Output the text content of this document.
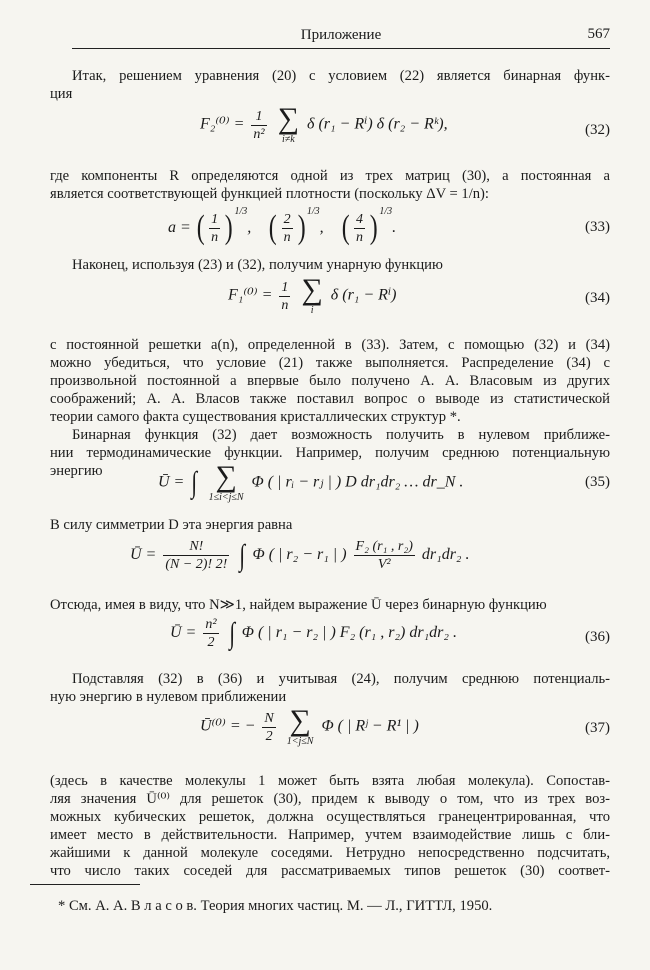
Приложение	567
Итак, решением уравнения (20) с условием (22) является бинарная функ-
ция
$F_2^{(0)} = \frac{1}{\text{n²}}$
∑
i≠k
δ (r₁ − Rⁱ) δ (r₂ − Rᵏ),	(32)
где компоненты R определяются одной из трех матриц (30), а постоянная a
является соответствующей функцией плотности (поскольку ΔV = 1/n):
a = ( $\frac{1}{n}$ ) $^{1/3}$, ( $\frac{2}{n}$ ) $^{1/3}$, ( $\frac{4}{n}$ ) $^{1/3}$.	(33)
Наконец, используя (23) и (32), получим унарную функцию
$F_1^{(0)} = \frac{1}{n}$
∑
i
δ (r₁ − Rⁱ)	(34)
с постоянной решетки a(n), определенной в (33). Затем, с помощью (32) и (34)
можно убедиться, что условие (21) также выполняется. Распределение (34) с
произвольной постоянной a впервые было получено А. А. Власовым из других
соображений; А. А. Власов также поставил вопрос о выводе из статистической
теории самого факта существования кристаллических структур *.
Бинарная функция (32) дает возможность получить в нулевом приближе-
нии термодинамические функции. Например, получим среднюю потенциальную
энергию
Ū = ∫ ∑
1≤i<j≤N
Φ ( | rᵢ − rⱼ | ) D dr₁dr₂ … dr_N .	(35)
В силу симметрии D эта энергия равна
Ū = $\frac{N!}{(N - 2)! 2!}$ ∫ Φ ( | r₂ − r₁ | ) $\frac{\text{F₂ (r₁ , r₂)}}{\text{V²}} dr_1dr_2$ .
Отсюда, имея в виду, что N≫1, найдем выражение Ū через бинарную функцию
Ū = $\frac{\text{n²}}{2}$ ∫ Φ ( | r₁ − r₂ | ) F₂ (r₁ , r₂) dr₁dr₂ .	(36)
Подставляя (32) в (36) и учитывая (24), получим среднюю потенциаль-
ную энергию в нулевом приближении
Ū⁽⁰⁾ = − $\frac{N}{2}$
∑
1<j≤N
Φ ( | Rʲ − R¹ | )	(37)
(здесь в качестве молекулы 1 может быть взята любая молекула). Сопостав-
ляя значения Ū⁽⁰⁾ для решеток (30), придем к выводу о том, что из трех воз-
можных кубических решеток, должна осуществляться гранецентрированная, что
имеет место в действительности. Например, учтем взаимодействие лишь с бли-
жайшими к данной молекуле соседями. Нетрудно непосредственно подсчитать,
что число таких соседей для рассматриваемых типов решеток (30) соответ-
* См. А. А. В л а с о в. Теория многих частиц. М. — Л., ГИТТЛ, 1950.
